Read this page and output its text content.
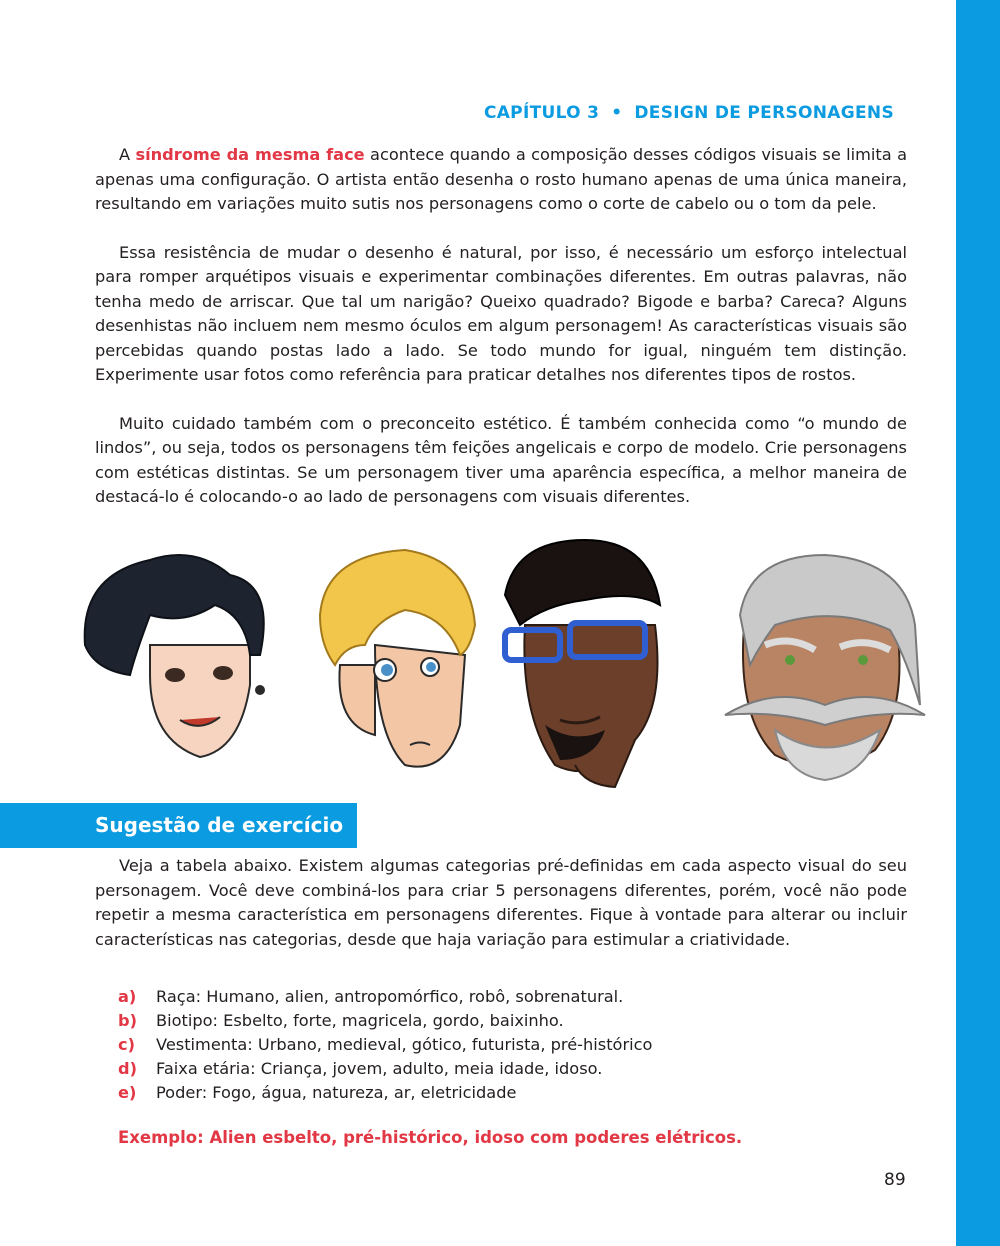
CAPÍTULO 3 • DESIGN DE PERSONAGENS

A síndrome da mesma face acontece quando a composição desses códigos visuais se limita a apenas uma configuração. O artista então desenha o rosto humano apenas de uma única maneira, resultando em variações muito sutis nos personagens como o corte de cabelo ou o tom da pele.

Essa resistência de mudar o desenho é natural, por isso, é necessário um esforço intelectual para romper arquétipos visuais e experimentar combinações diferentes. Em outras palavras, não tenha medo de arriscar. Que tal um narigão? Queixo quadrado? Bigode e barba? Careca? Alguns desenhistas não incluem nem mesmo óculos em algum personagem! As características visuais são percebidas quando postas lado a lado. Se todo mundo for igual, ninguém tem distinção. Experimente usar fotos como referência para praticar detalhes nos diferentes tipos de rostos.

Muito cuidado também com o preconceito estético. É também conhecida como “o mundo de lindos”, ou seja, todos os personagens têm feições angelicais e corpo de modelo. Crie personagens com estéticas distintas. Se um personagem tiver uma aparência específica, a melhor maneira de destacá-lo é colocando-o ao lado de personagens com visuais diferentes.

Sugestão de exercício

Veja a tabela abaixo. Existem algumas categorias pré-definidas em cada aspecto visual do seu personagem. Você deve combiná-los para criar 5 personagens diferentes, porém, você não pode repetir a mesma característica em personagens diferentes. Fique à vontade para alterar ou incluir características nas categorias, desde que haja variação para estimular a criatividade.

a)	Raça: Humano, alien, antropomórfico, robô, sobrenatural.
b)	Biotipo: Esbelto, forte, magricela, gordo, baixinho.
c)	Vestimenta: Urbano, medieval, gótico, futurista, pré-histórico
d)	Faixa etária: Criança, jovem, adulto, meia idade, idoso.
e)	Poder: Fogo, água, natureza, ar, eletricidade
Exemplo: Alien esbelto, pré-histórico, idoso com poderes elétricos.
89
